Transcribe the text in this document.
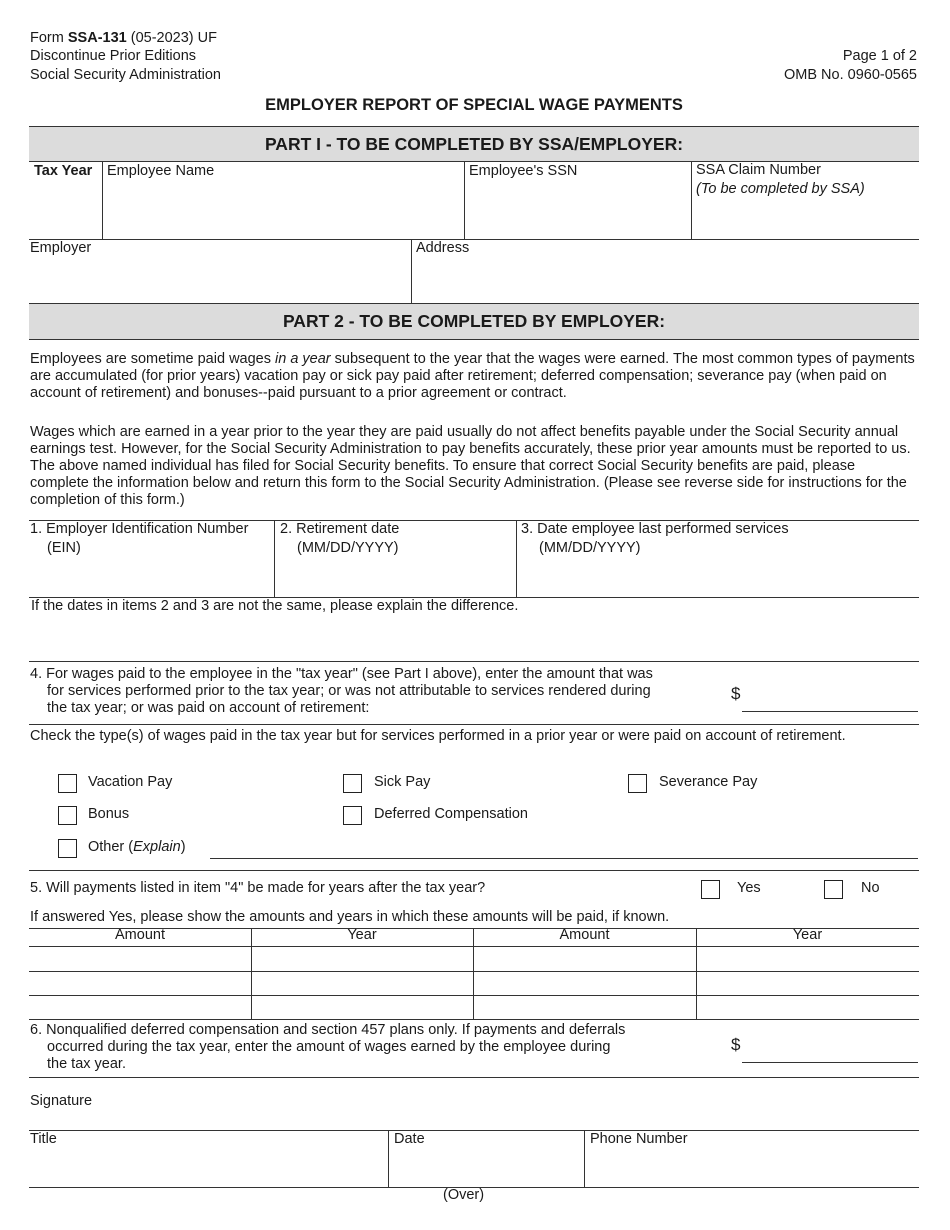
Form SSA-131 (05-2023) UF
Discontinue Prior Editions
Social Security Administration
Page 1 of 2
OMB No. 0960-0565
EMPLOYER REPORT OF SPECIAL WAGE PAYMENTS
PART I - TO BE COMPLETED BY SSA/EMPLOYER:
Tax Year Employee Name	Employee's SSN	SSA Claim Number
(To be completed by SSA)
Employer	Address
PART 2 - TO BE COMPLETED BY EMPLOYER:
Employees are sometime paid wages in a year subsequent to the year that the wages were earned. The most common types of payments are accumulated (for prior years) vacation pay or sick pay paid after retirement; deferred compensation; severance pay (when paid on account of retirement) and bonuses--paid pursuant to a prior agreement or contract.
Wages which are earned in a year prior to the year they are paid usually do not affect benefits payable under the Social Security annual earnings test. However, for the Social Security Administration to pay benefits accurately, these prior year amounts must be reported to us. The above named individual has filed for Social Security benefits. To ensure that correct Social Security benefits are paid, please complete the information below and return this form to the Social Security Administration. (Please see reverse side for instructions for the completion of this form.)
1. Employer Identification Number
(EIN)
2. Retirement date
(MM/DD/YYYY)
3. Date employee last performed services
(MM/DD/YYYY)
If the dates in items 2 and 3 are not the same, please explain the difference.
4. For wages paid to the employee in the "tax year" (see Part I above), enter the amount that was
for services performed prior to the tax year; or was not attributable to services rendered during
the tax year; or was paid on account of retirement:
$
Check the type(s) of wages paid in the tax year but for services performed in a prior year or were paid on account of retirement.
Vacation Pay	Sick Pay	Severance Pay
Bonus	Deferred Compensation
Other (Explain)
5. Will payments listed in item "4" be made for years after the tax year?	Yes	No
If answered Yes, please show the amounts and years in which these amounts will be paid, if known.
Amount	Year	Amount	Year
6. Nonqualified deferred compensation and section 457 plans only. If payments and deferrals
occurred during the tax year, enter the amount of wages earned by the employee during
the tax year.
$
Signature
Title	Date	Phone Number
(Over)
